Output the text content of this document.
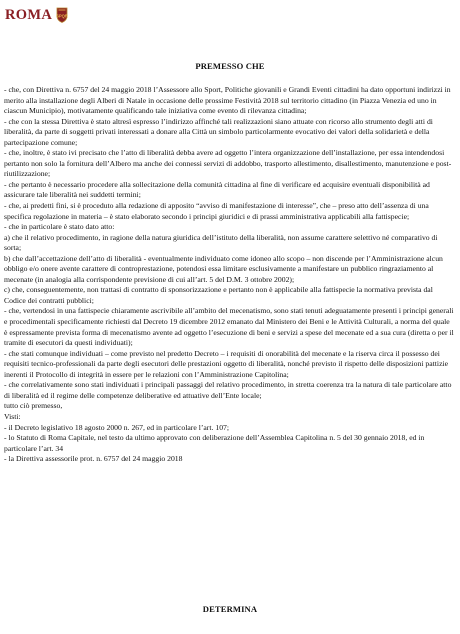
ROMA SPQR
PREMESSO CHE

- che, con Direttiva n. 6757 del 24 maggio 2018 l’Assessore allo Sport, Politiche giovanili e Grandi Eventi cittadini ha dato opportuni indirizzi in merito alla installazione degli Alberi di Natale in occasione delle prossime Festività 2018 sul territorio cittadino (in Piazza Venezia ed uno in ciascun Municipio), motivatamente qualificando tale iniziativa come evento di rilevanza cittadina;

- che con la stessa Direttiva è stato altresì espresso l’indirizzo affinché tali realizzazioni siano attuate con ricorso allo strumento degli atti di liberalità, da parte di soggetti privati interessati a donare alla Città un simbolo particolarmente evocativo dei valori della solidarietà e della partecipazione comune;

- che, inoltre, è stato ivi precisato che l’atto di liberalità debba avere ad oggetto l’intera organizzazione dell’installazione, per essa intendendosi pertanto non solo la fornitura dell’Albero ma anche dei connessi servizi di addobbo, trasporto allestimento, disallestimento, manutenzione e post-riutilizzazione;

- che pertanto è necessario procedere alla sollecitazione della comunità cittadina al fine di verificare ed acquisire eventuali disponibilità ad assicurare tale liberalità nei suddetti termini;

- che, ai predetti fini, si è proceduto alla redazione di apposito “avviso di manifestazione di interesse”, che – preso atto dell’assenza di una specifica regolazione in materia – è stato elaborato secondo i principi giuridici e di prassi amministrativa applicabili alla fattispecie;

- che in particolare è stato dato atto:

a) che il relativo procedimento, in ragione della natura giuridica dell’istituto della liberalità, non assume carattere selettivo né comparativo di sorta;

b) che dall’accettazione dell’atto di liberalità - eventualmente individuato come idoneo allo scopo – non discende per l’Amministrazione alcun obbligo e/o onere avente carattere di controprestazione, potendosi essa limitare esclusivamente a manifestare un pubblico ringraziamento al mecenate (in analogia alla corrispondente previsione di cui all’art. 5 del D.M. 3 ottobre 2002);

c) che, conseguentemente, non trattasi di contratto di sponsorizzazione e pertanto non è applicabile alla fattispecie la normativa prevista dal Codice dei contratti pubblici;

- che, vertendosi in una fattispecie chiaramente ascrivibile all’ambito del mecenatismo, sono stati tenuti adeguatamente presenti i principi generali e procedimentali specificamente richiesti dal Decreto 19 dicembre 2012 emanato dal Ministero dei Beni e le Attività Culturali, a norma del quale è espressamente prevista forma di mecenatismo avente ad oggetto l’esecuzione di beni e servizi a spese del mecenate ed a sua cura (diretta o per il tramite di esecutori da questi individuati);

- che stati comunque individuati – come previsto nel predetto Decreto – i requisiti di onorabilità del mecenate e la riserva circa il possesso dei requisiti tecnico-professionali da parte degli esecutori delle prestazioni oggetto di liberalità, nonché previsto il rispetto delle disposizioni pattizie inerenti il Protocollo di integrità in essere per le relazioni con l’Amministrazione Capitolina;

- che correlativamente sono stati individuati i principali passaggi del relativo procedimento, in stretta coerenza tra la natura di tale particolare atto di liberalità ed il regime delle competenze deliberative ed attuative dell’Ente locale;

tutto ciò premesso,

Visti:

- il Decreto legislativo 18 agosto 2000 n. 267, ed in particolare l’art. 107;

- lo Statuto di Roma Capitale, nel testo da ultimo approvato con deliberazione dell’Assemblea Capitolina n. 5 del 30 gennaio 2018, ed in particolare l’art. 34

- la Direttiva assessorile prot. n. 6757 del 24 maggio 2018

DETERMINA
